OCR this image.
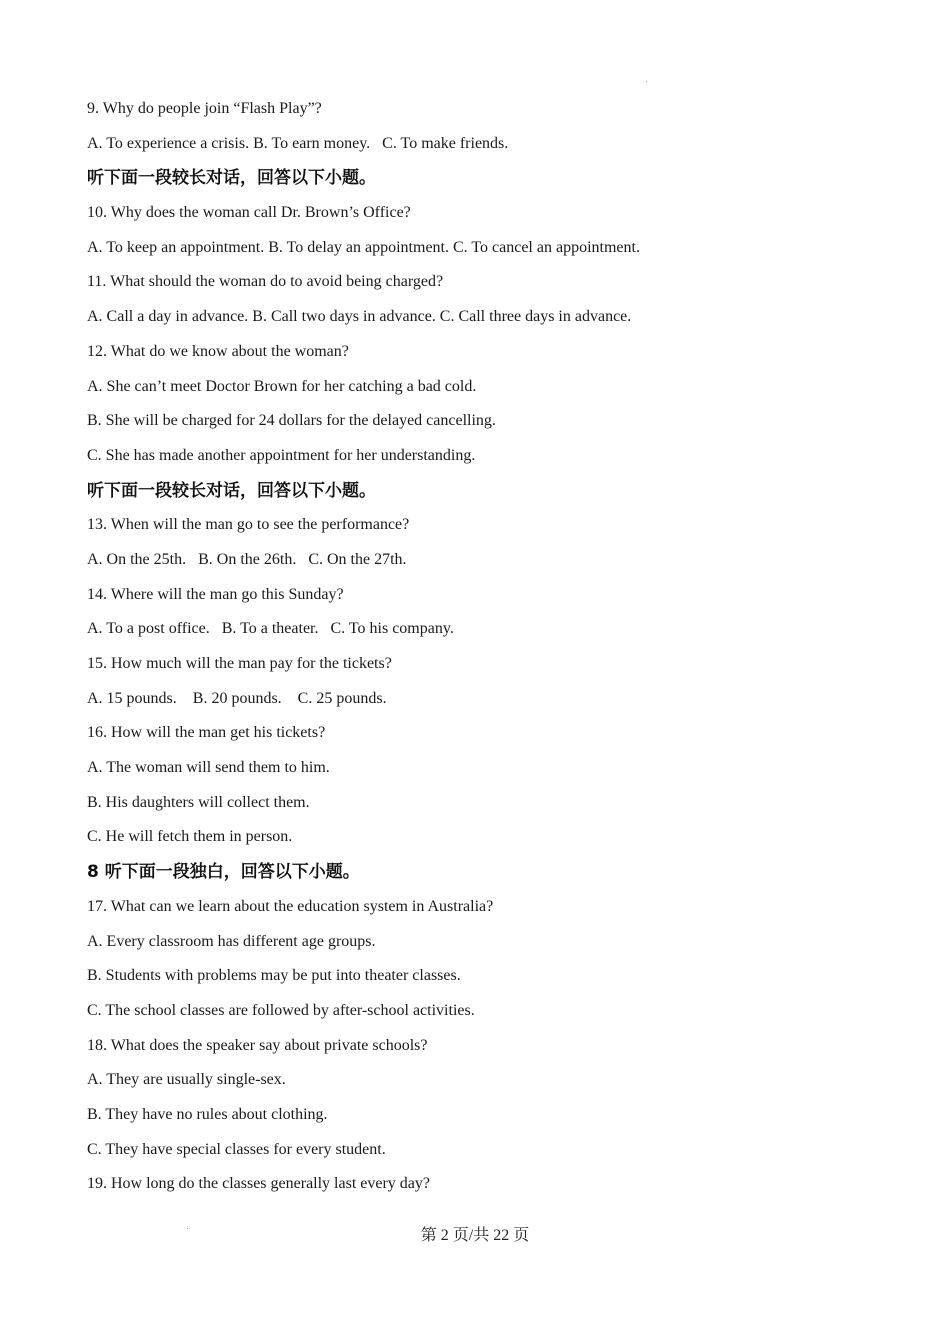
9. Why do people join “Flash Play”?
A. To experience a crisis. B. To earn money.   C. To make friends.
听下面一段较长对话，回答以下小题。
10. Why does the woman call Dr. Brown’s Office?
A. To keep an appointment. B. To delay an appointment. C. To cancel an appointment.
11. What should the woman do to avoid being charged?
A. Call a day in advance. B. Call two days in advance. C. Call three days in advance.
12. What do we know about the woman?
A. She can’t meet Doctor Brown for her catching a bad cold.
B. She will be charged for 24 dollars for the delayed cancelling.
C. She has made another appointment for her understanding.
听下面一段较长对话，回答以下小题。
13. When will the man go to see the performance?
A. On the 25th.   B. On the 26th.   C. On the 27th.
14. Where will the man go this Sunday?
A. To a post office.   B. To a theater.   C. To his company.
15. How much will the man pay for the tickets?
A. 15 pounds.    B. 20 pounds.    C. 25 pounds.
16. How will the man get his tickets?
A. The woman will send them to him.
B. His daughters will collect them.
C. He will fetch them in person.
8 听下面一段独白，回答以下小题。
17. What can we learn about the education system in Australia?
A. Every classroom has different age groups.
B. Students with problems may be put into theater classes.
C. The school classes are followed by after-school activities.
18. What does the speaker say about private schools?
A. They are usually single-sex.
B. They have no rules about clothing.
C. They have special classes for every student.
19. How long do the classes generally last every day?
第 2 页/共 22 页
